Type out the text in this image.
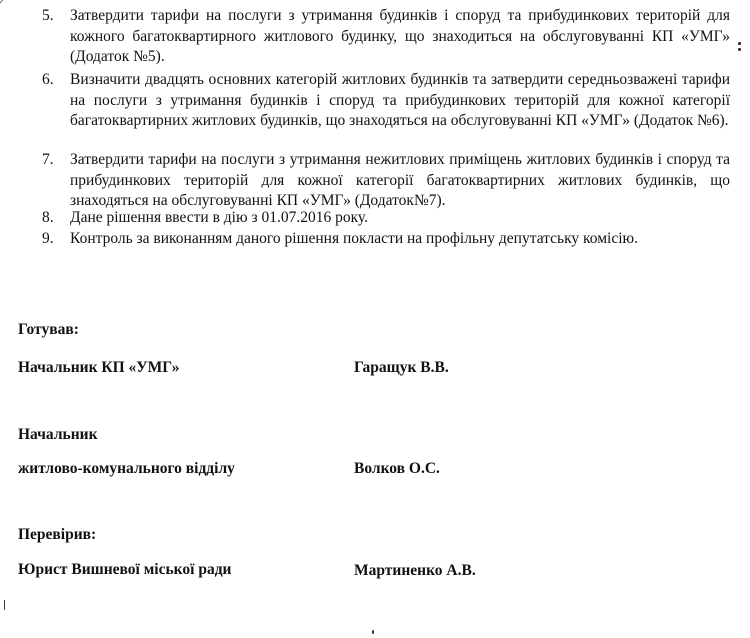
5.	Затвердити тарифи на послуги з утримання будинків і споруд та прибудинкових територій для кожного багатоквартирного житлового будинку, що знаходиться на обслуговуванні КП «УМГ» (Додаток №5).
6.	Визначити двадцять основних категорій житлових будинків та затвердити середньозважені тарифи на послуги з утримання будинків і споруд та прибудинкових територій для кожної категорії багатоквартирних житлових будинків, що знаходяться на обслуговуванні КП «УМГ» (Додаток №6).
7.	Затвердити тарифи на послуги з утримання нежитлових приміщень житлових будинків і споруд та прибудинкових територій для кожної категорії багатоквартирних житлових будинків, що знаходяться на обслуговуванні КП «УМГ» (Додаток№7).
8.	Дане рішення ввести в дію з 01.07.2016 року.
9.	Контроль за виконанням даного рішення покласти на профільну депутатську комісію.
Готував:
Начальник КП «УМГ»	Гаращук В.В.
Начальник
житлово-комунального відділу	Волков О.С.
Перевірив:
Юрист Вишневої міської ради	Мартиненко А.В.
